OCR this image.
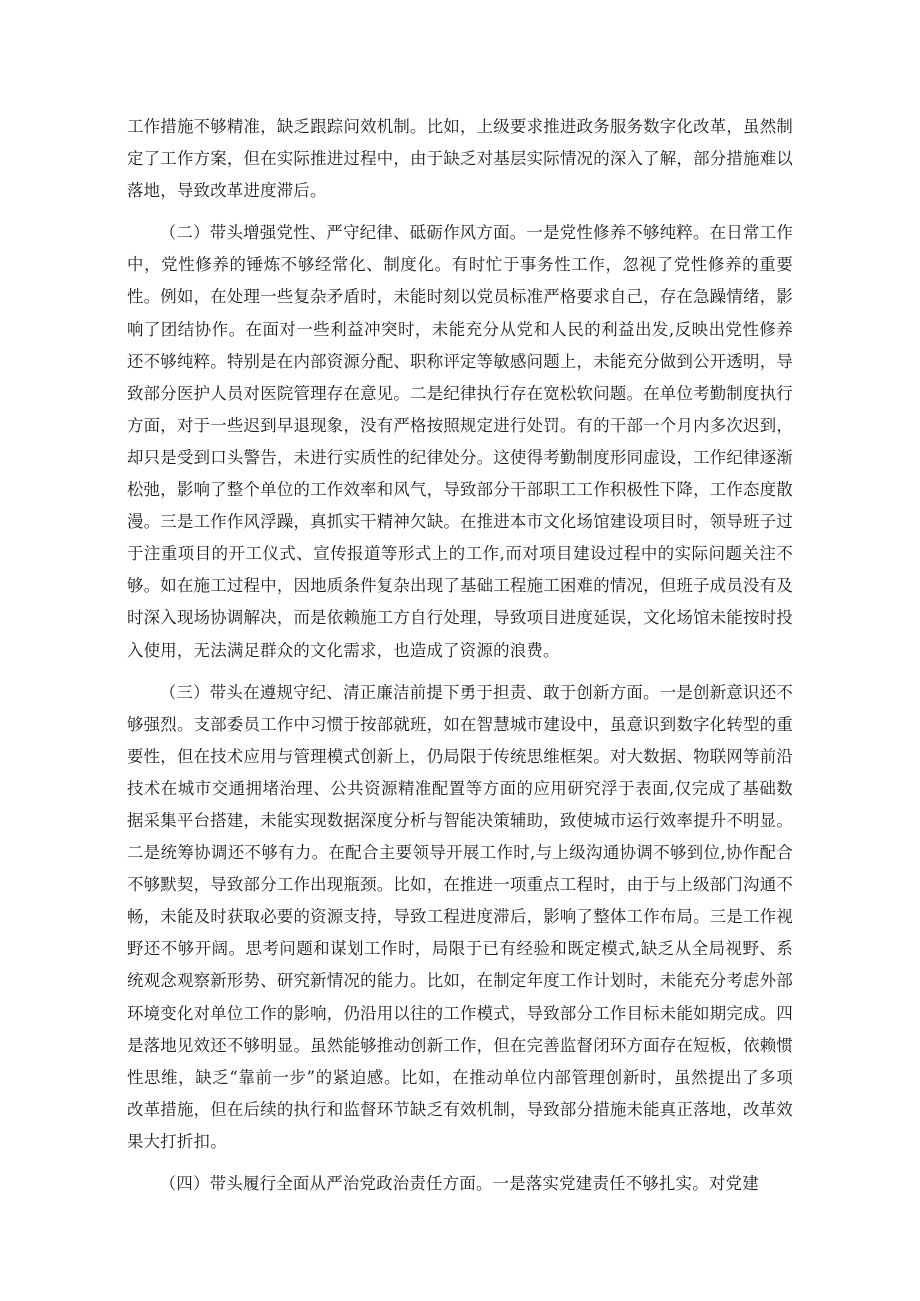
工作措施不够精准，缺乏跟踪问效机制。比如，上级要求推进政务服务数字化改革，虽然制定了工作方案，但在实际推进过程中，由于缺乏对基层实际情况的深入了解，部分措施难以落地，导致改革进度滞后。

（二）带头增强党性、严守纪律、砥砺作风方面。一是党性修养不够纯粹。在日常工作中，党性修养的锤炼不够经常化、制度化。有时忙于事务性工作，忽视了党性修养的重要性。例如，在处理一些复杂矛盾时，未能时刻以党员标准严格要求自己，存在急躁情绪，影响了团结协作。在面对一些利益冲突时，未能充分从党和人民的利益出发,反映出党性修养还不够纯粹。特别是在内部资源分配、职称评定等敏感问题上，未能充分做到公开透明，导致部分医护人员对医院管理存在意见。二是纪律执行存在宽松软问题。在单位考勤制度执行方面，对于一些迟到早退现象，没有严格按照规定进行处罚。有的干部一个月内多次迟到，却只是受到口头警告，未进行实质性的纪律处分。这使得考勤制度形同虚设，工作纪律逐渐松弛，影响了整个单位的工作效率和风气，导致部分干部职工工作积极性下降，工作态度散漫。三是工作作风浮躁，真抓实干精神欠缺。在推进本市文化场馆建设项目时，领导班子过于注重项目的开工仪式、宣传报道等形式上的工作,而对项目建设过程中的实际问题关注不够。如在施工过程中，因地质条件复杂出现了基础工程施工困难的情况，但班子成员没有及时深入现场协调解决，而是依赖施工方自行处理，导致项目进度延误，文化场馆未能按时投入使用，无法满足群众的文化需求，也造成了资源的浪费。

（三）带头在遵规守纪、清正廉洁前提下勇于担责、敢于创新方面。一是创新意识还不够强烈。支部委员工作中习惯于按部就班，如在智慧城市建设中，虽意识到数字化转型的重要性，但在技术应用与管理模式创新上，仍局限于传统思维框架。对大数据、物联网等前沿技术在城市交通拥堵治理、公共资源精准配置等方面的应用研究浮于表面,仅完成了基础数据采集平台搭建，未能实现数据深度分析与智能决策辅助，致使城市运行效率提升不明显。二是统筹协调还不够有力。在配合主要领导开展工作时,与上级沟通协调不够到位,协作配合不够默契，导致部分工作出现瓶颈。比如，在推进一项重点工程时，由于与上级部门沟通不畅，未能及时获取必要的资源支持，导致工程进度滞后，影响了整体工作布局。三是工作视野还不够开阔。思考问题和谋划工作时，局限于已有经验和既定模式,缺乏从全局视野、系统观念观察新形势、研究新情况的能力。比如，在制定年度工作计划时，未能充分考虑外部环境变化对单位工作的影响，仍沿用以往的工作模式，导致部分工作目标未能如期完成。四是落地见效还不够明显。虽然能够推动创新工作，但在完善监督闭环方面存在短板，依赖惯性思维，缺乏“靠前一步”的紧迫感。比如，在推动单位内部管理创新时，虽然提出了多项改革措施，但在后续的执行和监督环节缺乏有效机制，导致部分措施未能真正落地，改革效果大打折扣。

（四）带头履行全面从严治党政治责任方面。一是落实党建责任不够扎实。对党建
